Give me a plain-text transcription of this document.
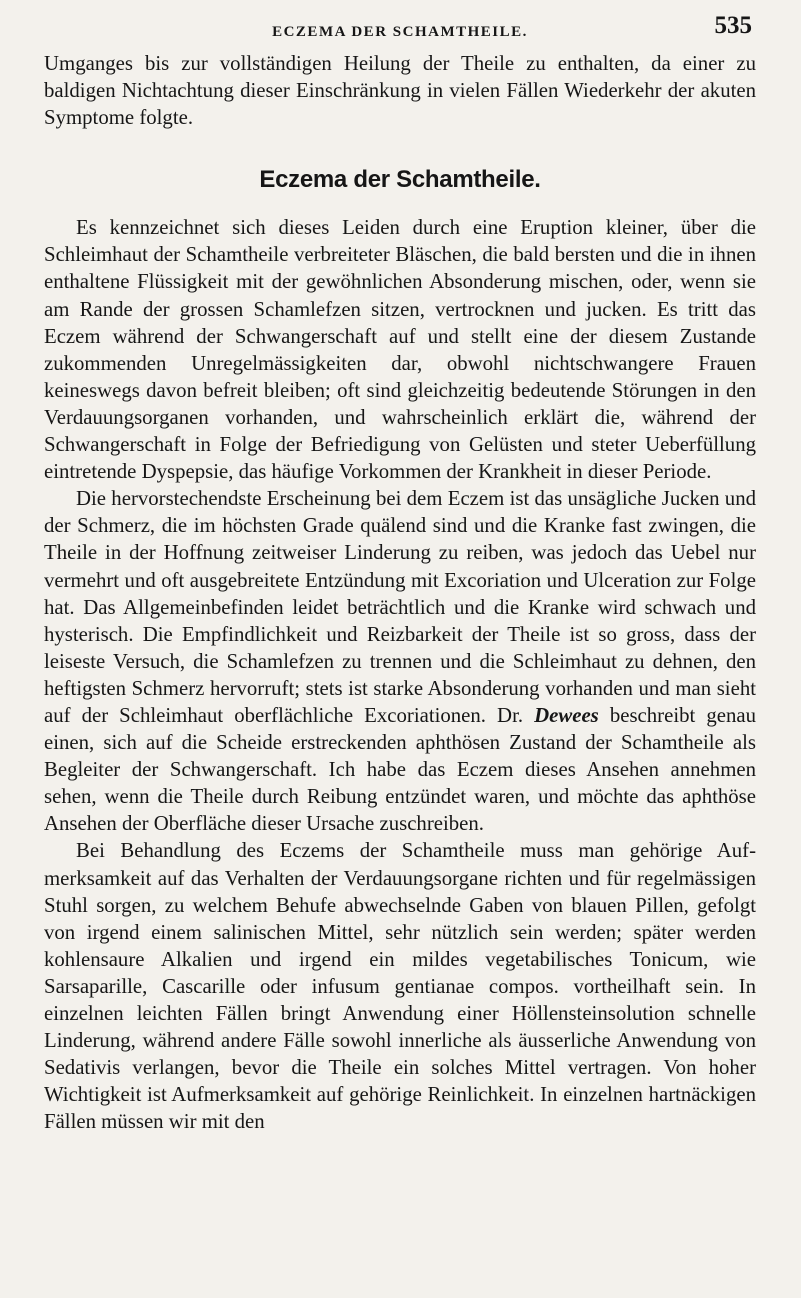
ECZEMA DER SCHAMTHEILE.	535

Umganges bis zur vollständigen Heilung der Theile zu enthalten, da einer zu baldigen Nichtachtung dieser Einschränkung in vielen Fällen Wiederkehr der akuten Symptome folgte.

Eczema der Schamtheile.

Es kennzeichnet sich dieses Leiden durch eine Eruption kleiner, über die Schleimhaut der Schamtheile verbreiteter Bläschen, die bald bersten und die in ihnen enthaltene Flüssigkeit mit der gewöhnlichen Absonderung mischen, oder, wenn sie am Rande der grossen Schamlefzen sitzen, vertrocknen und jucken. Es tritt das Eczem während der Schwangerschaft auf und stellt eine der diesem Zustande zukommenden Unregelmässigkeiten dar, obwohl nichtschwangere Frauen keineswegs davon befreit bleiben; oft sind gleichzeitig bedeutende Störungen in den Verdauungsorganen vorhanden, und wahrscheinlich erklärt die, während der Schwangerschaft in Folge der Befriedigung von Gelüsten und steter Ueberfüllung eintretende Dyspepsie, das häufige Vorkommen der Krankheit in dieser Periode.

Die hervorstechendste Erscheinung bei dem Eczem ist das unsägliche Jucken und der Schmerz, die im höchsten Grade quälend sind und die Kranke fast zwingen, die Theile in der Hoffnung zeitweiser Linderung zu reiben, was jedoch das Uebel nur vermehrt und oft ausgebreitete Entzündung mit Excoriation und Ulceration zur Folge hat. Das Allgemeinbefinden leidet beträchtlich und die Kranke wird schwach und hysterisch. Die Empfindlichkeit und Reizbarkeit der Theile ist so gross, dass der leiseste Versuch, die Schamlefzen zu trennen und die Schleimhaut zu dehnen, den heftigsten Schmerz hervorruft; stets ist starke Absonderung vorhanden und man sieht auf der Schleimhaut oberflächliche Excoriationen. Dr. Dewees beschreibt genau einen, sich auf die Scheide erstreckenden aphthösen Zustand der Schamtheile als Begleiter der Schwangerschaft. Ich habe das Eczem dieses Ansehen annehmen sehen, wenn die Theile durch Reibung entzündet waren, und möchte das aphthöse Ansehen der Oberfläche dieser Ursache zuschreiben.

Bei Behandlung des Eczems der Schamtheile muss man gehörige Aufmerksamkeit auf das Verhalten der Verdauungsorgane richten und für regelmässigen Stuhl sorgen, zu welchem Behufe abwechselnde Gaben von blauen Pillen, gefolgt von irgend einem salinischen Mittel, sehr nützlich sein werden; später werden kohlensaure Alkalien und irgend ein mildes vegetabilisches Tonicum, wie Sarsaparille, Cascarille oder infusum gentianae compos. vortheilhaft sein. In einzelnen leichten Fällen bringt Anwendung einer Höllensteinsolution schnelle Linderung, während andere Fälle sowohl innerliche als äusserliche Anwendung von Sedativis verlangen, bevor die Theile ein solches Mittel vertragen. Von hoher Wichtigkeit ist Aufmerksamkeit auf gehörige Reinlichkeit. In einzelnen hartnäckigen Fällen müssen wir mit den
